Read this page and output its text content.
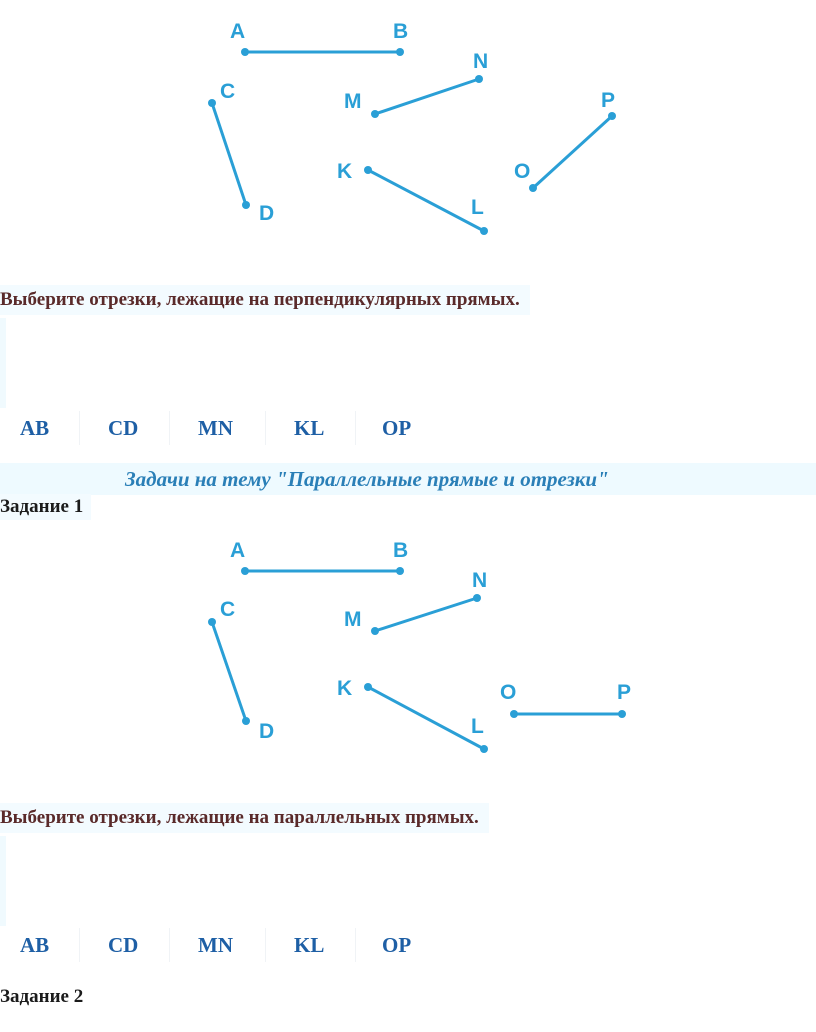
A	B
C
D
M
N
K
L
O
P
Выберите отрезки, лежащие на перпендикулярных прямых.
AB	CD	MN	KL	OP
Задачи на тему "Параллельные прямые и отрезки"
Задание 1
A	B
C
D
M
N
K
L
O	P
Выберите отрезки, лежащие на параллельных прямых.
AB	CD	MN	KL	OP
Задание 2
